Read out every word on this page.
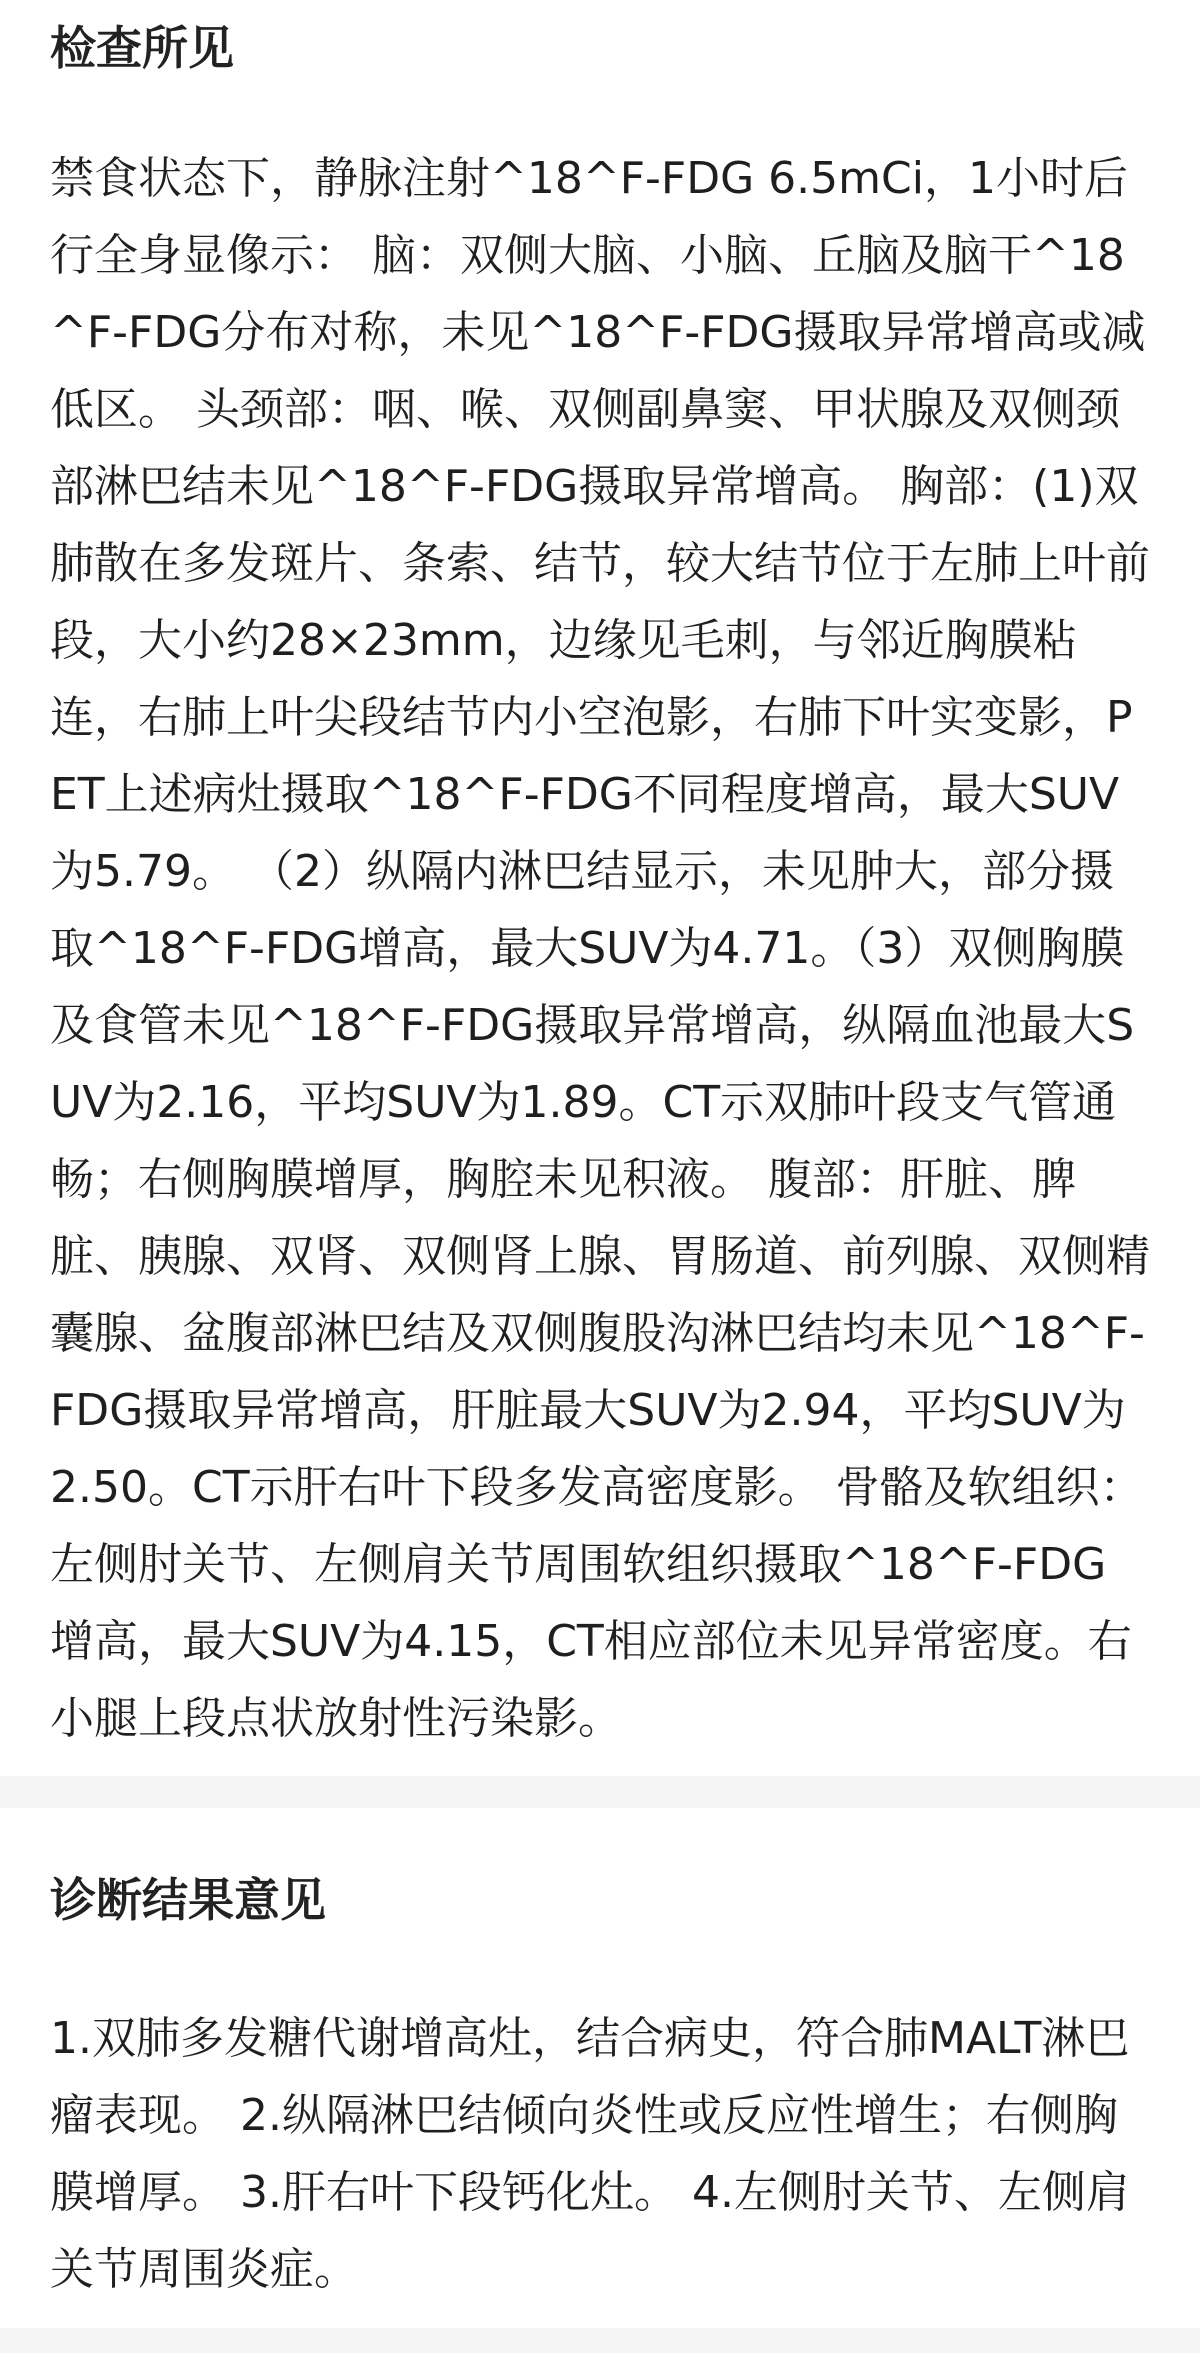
检查所见

禁食状态下，静脉注射^18^F-FDG 6.5mCi，1小时后行全身显像示： 脑：双侧大脑、小脑、丘脑及脑干^18^F-FDG分布对称，未见^18^F-FDG摄取异常增高或减低区。 头颈部：咽、喉、双侧副鼻窦、甲状腺及双侧颈部淋巴结未见^18^F-FDG摄取异常增高。 胸部：(1)双肺散在多发斑片、条索、结节，较大结节位于左肺上叶前段，大小约28×23mm，边缘见毛刺，与邻近胸膜粘连，右肺上叶尖段结节内小空泡影，右肺下叶实变影，PET上述病灶摄取^18^F-FDG不同程度增高，最大SUV为5.79。 （2）纵隔内淋巴结显示，未见肿大，部分摄取^18^F-FDG增高，最大SUV为4.71。（3）双侧胸膜及食管未见^18^F-FDG摄取异常增高，纵隔血池最大SUV为2.16，平均SUV为1.89。CT示双肺叶段支气管通畅；右侧胸膜增厚，胸腔未见积液。 腹部：肝脏、脾脏、胰腺、双肾、双侧肾上腺、胃肠道、前列腺、双侧精囊腺、盆腹部淋巴结及双侧腹股沟淋巴结均未见^18^F-FDG摄取异常增高，肝脏最大SUV为2.94，平均SUV为2.50。CT示肝右叶下段多发高密度影。 骨骼及软组织：左侧肘关节、左侧肩关节周围软组织摄取^18^F-FDG增高，最大SUV为4.15，CT相应部位未见异常密度。右小腿上段点状放射性污染影。

诊断结果意见

1.双肺多发糖代谢增高灶，结合病史，符合肺MALT淋巴瘤表现。 2.纵隔淋巴结倾向炎性或反应性增生；右侧胸膜增厚。 3.肝右叶下段钙化灶。 4.左侧肘关节、左侧肩关节周围炎症。
